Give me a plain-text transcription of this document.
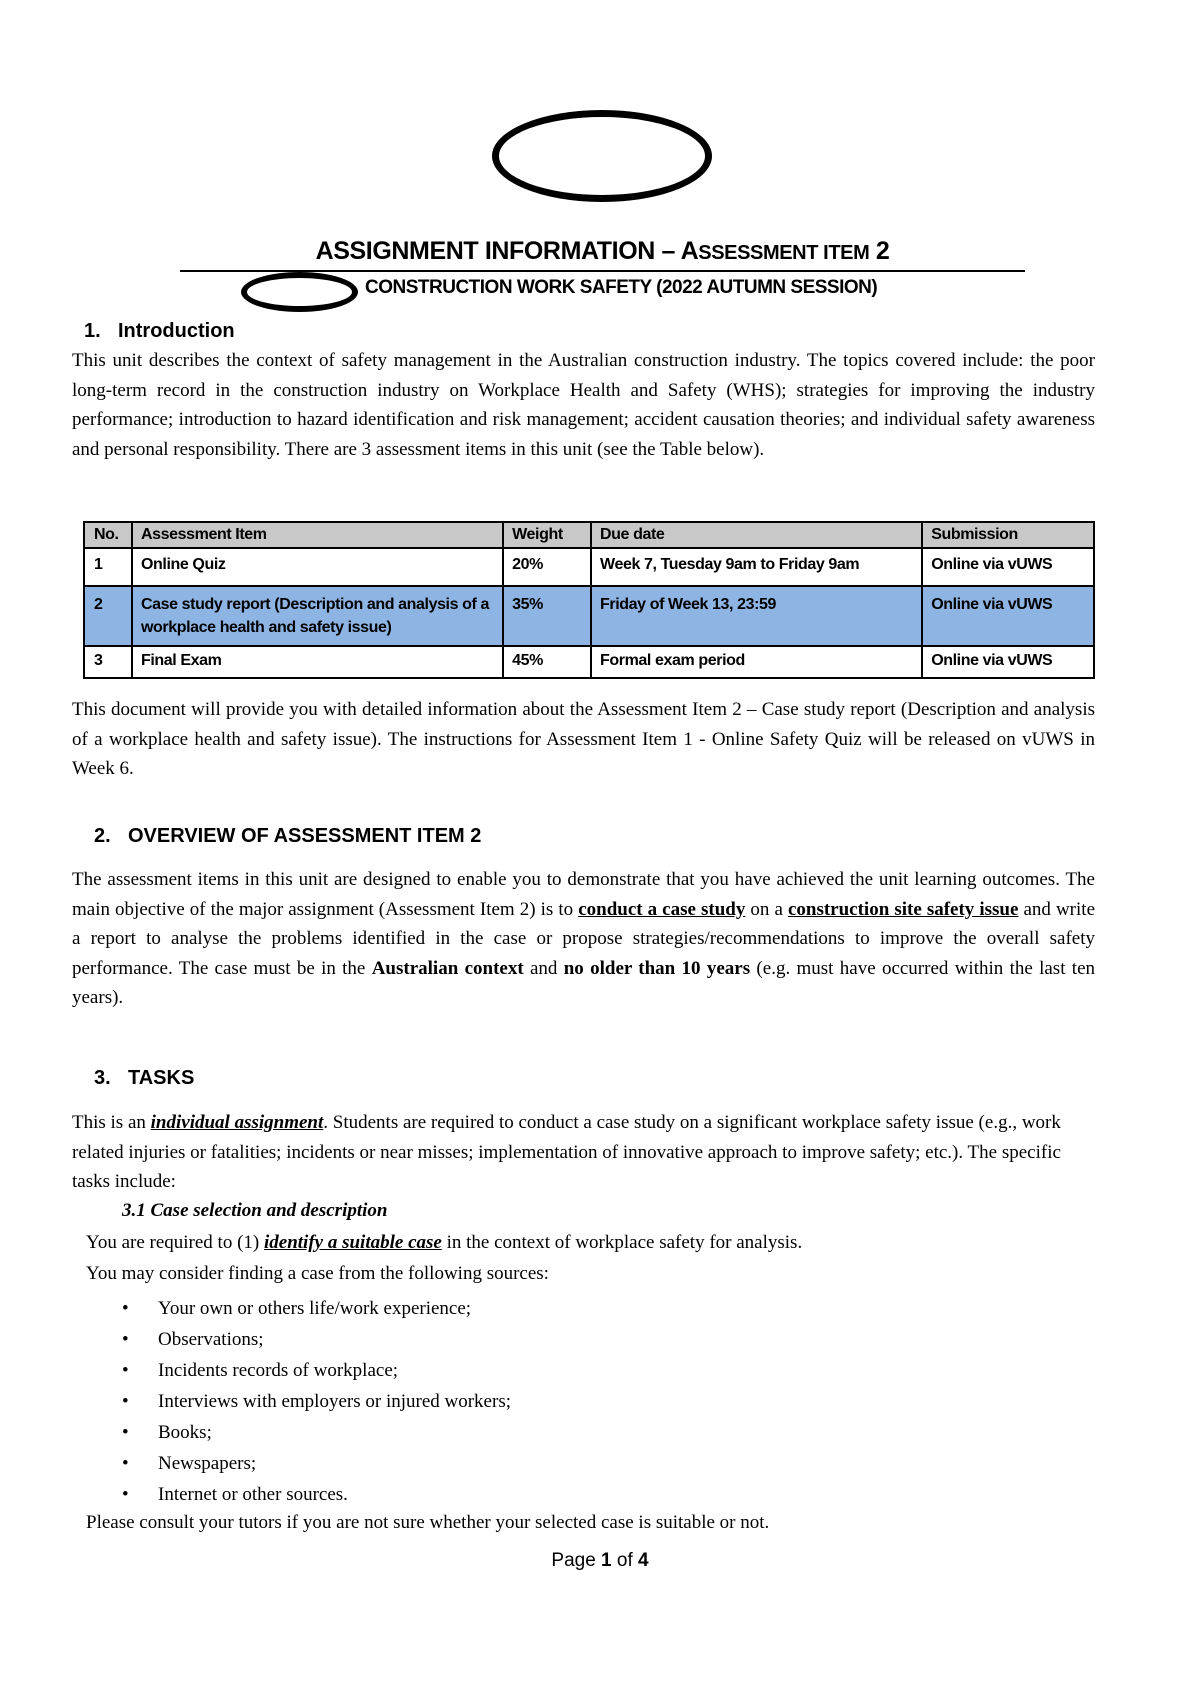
ASSIGNMENT INFORMATION – ASSESSMENT ITEM 2
CONSTRUCTION WORK SAFETY (2022 AUTUMN SESSION)
1. Introduction

This unit describes the context of safety management in the Australian construction industry. The topics covered include: the poor long-term record in the construction industry on Workplace Health and Safety (WHS); strategies for improving the industry performance; introduction to hazard identification and risk management; accident causation theories; and individual safety awareness and personal responsibility. There are 3 assessment items in this unit (see the Table below).

No.	Assessment Item	Weight	Due date	Submission
1	Online Quiz	20%	Week 7, Tuesday 9am to Friday 9am	Online via vUWS
2	Case study report (Description and analysis of a workplace health and safety issue)	35%	Friday of Week 13, 23:59	Online via vUWS
3	Final Exam	45%	Formal exam period	Online via vUWS

This document will provide you with detailed information about the Assessment Item 2 – Case study report (Description and analysis of a workplace health and safety issue). The instructions for Assessment Item 1 - Online Safety Quiz will be released on vUWS in Week 6.

2. OVERVIEW OF ASSESSMENT ITEM 2

The assessment items in this unit are designed to enable you to demonstrate that you have achieved the unit learning outcomes. The main objective of the major assignment (Assessment Item 2) is to conduct a case study on a construction site safety issue and write a report to analyse the problems identified in the case or propose strategies/recommendations to improve the overall safety performance. The case must be in the Australian context and no older than 10 years (e.g. must have occurred within the last ten years).

3. TASKS

This is an individual assignment. Students are required to conduct a case study on a significant workplace safety issue (e.g., work related injuries or fatalities; incidents or near misses; implementation of innovative approach to improve safety; etc.). The specific tasks include:

3.1 Case selection and description
You are required to (1) identify a suitable case in the context of workplace safety for analysis.
You may consider finding a case from the following sources:
• Your own or others life/work experience;
• Observations;
• Incidents records of workplace;
• Interviews with employers or injured workers;
• Books;
• Newspapers;
• Internet or other sources.
Please consult your tutors if you are not sure whether your selected case is suitable or not.
Page 1 of 4
